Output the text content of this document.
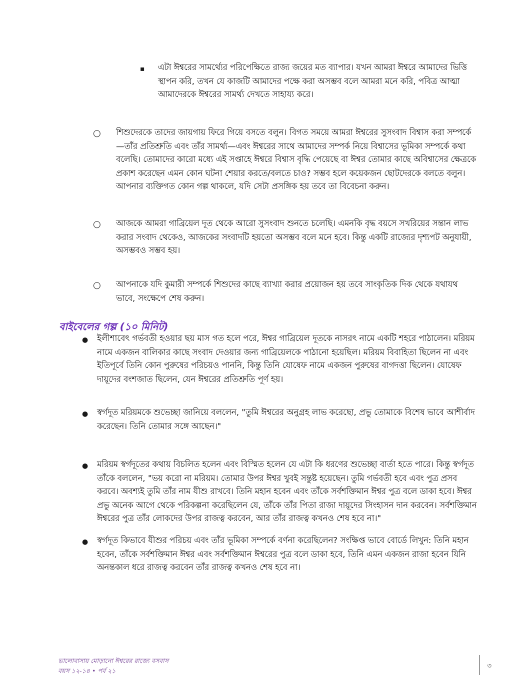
▪ এটা ঈশ্বরের সামর্থ্যের পরিপেক্ষিতে রাজ্য জয়ের মত ব্যাপার। যখন আমরা ঈশ্বরে আমাদের ভিত্তি স্থাপন করি, তখন যে কাজটি আমাদের পক্ষে করা অসম্ভব বলে আমরা মনে করি, পবিত্র আত্মা আমাদেরকে ঈশ্বরের সামর্থ্য দেখতে সাহায্য করে।

○ শিশুদেরকে তাদের জায়গায় ফিরে গিয়ে বসতে বলুন। বিগত সময়ে আমরা ঈশ্বরের সুসংবাদ বিশ্বাস করা সম্পর্কে—তাঁর প্রতিশ্রুতি এবং তাঁর সামর্থ্য—এবং ঈশ্বরের সাথে আমাদের সম্পর্ক নিয়ে বিশ্বাসের ভূমিকা সম্পর্কে কথা বলেছি। তোমাদের কারো মধ্যে এই সপ্তাহে ঈশ্বরে বিশ্বাস বৃদ্ধি পেয়েছে বা ঈশ্বর তোমার কাছে অবিশ্বাসের ক্ষেত্রকে প্রকাশ করেছেন এমন কোন ঘটনা শেয়ার করতে/বলতে চাও? সম্ভব হলে কয়েকজন ছোটদেরকে বলতে বলুন। আপনার ব্যক্তিগত কোন গল্প থাকলে, যদি সেটা প্রসঙ্গিক হয় তবে তা বিবেচনা করুন।

○ আজকে আমরা গাব্রিয়েল দূত থেকে আরো সুসংবাদ শুনতে চলেছি। এমনকি বৃদ্ধ বয়সে সখরিয়ের সন্তান লাভ করার সংবাদ থেকেও, আজকের সংবাদটি হয়তো অসম্ভব বলে মনে হবে। কিন্তু একটি রাজ্যের দৃশ্যপট অনুযায়ী, অসম্ভবও সম্ভব হয়।

○ আপনাকে যদি কুমারী সম্পর্কে শিশুদের কাছে ব্যাখ্যা করার প্রয়োজন হয় তবে সাংকৃতিক দিক থেকে যথাযথ ভাবে, সংক্ষেপে শেষ করুন।

বাইবেলের গল্প (১০ মিনিট)
● ইলীশাবেৎ গর্ভবতী হওয়ার ছয় মাস গত হলে পরে, ঈশ্বর গাব্রিয়েল দূতকে নাসরৎ নামে একটি শহরে পাঠালেন। মরিয়ম নামে একজন বালিকার কাছে সংবাদ দেওয়ার জন্য গাব্রিয়েলকে পাঠানো হয়েছিল। মরিয়ম বিবাহিতা ছিলেন না এবং ইতিপূর্বে তিনি কোন পুরুষের পরিচয়ও পাননি, কিন্তু তিনি যোষেফ নামে একজন পুরুষের বাগদত্তা ছিলেন। যোষেফ দায়ূদের বংশজাত ছিলেন, যেন ঈশ্বরের প্রতিশ্রুতি পূর্ণ হয়।

● স্বর্গদূত মরিয়মকে শুভেচ্ছা জানিয়ে বললেন, "তুমি ঈশ্বরের অনুগ্রহ লাভ করেছো, প্রভু তোমাকে বিশেষ ভাবে আশীর্বাদ করেছেন। তিনি তোমার সঙ্গে আছেন।"

● মরিয়ম স্বর্গদূতের কথায় বিচলিত হলেন এবং বিস্মিত হলেন যে এটা কি ধরণের শুভেচ্ছা বার্তা হতে পারে। কিন্তু স্বর্গদূত তাঁকে বললেন, "ভয় করো না মরিয়ম। তোমার উপর ঈশ্বর খুবই সন্তুষ্ট হয়েছেন। তুমি গর্ভবতী হবে এবং পুত্র প্রসব করবে। অবশ্যই তুমি তাঁর নাম যীশু রাখবে। তিনি মহান হবেন এবং তাঁকে সর্বশক্তিমান ঈশ্বর পুত্র বলে ডাকা হবে। ঈশ্বর প্রভু অনেক আগে থেকে পরিকল্পনা করেছিলেন যে, তাঁকে তাঁর পিতা রাজা দায়ূদের সিংহাসন দান করবেন। সর্বশক্তিমান ঈশ্বরের পুত্র তাঁর লোকদের উপর রাজত্ব করবেন, আর তাঁর রাজত্ব কখনও শেষ হবে না।"

● স্বর্গদূত কিভাবে যীশুর পরিচয় এবং তাঁর ভূমিকা সম্পর্কে বর্ণনা করেছিলেন? সংক্ষিপ্ত ভাবে বোর্ডে লিখুন: তিনি মহান হবেন, তাঁকে সর্বশক্তিমান ঈশ্বর এবং সর্বশক্তিমান ঈশ্বরের পুত্র বলে ডাকা হবে, তিনি এমন একজন রাজা হবেন যিনি অনন্তকাল ধরে রাজত্ব করবেন তাঁর রাজত্ব কখনও শেষ হবে না।

ভালোবাসায় মোড়ানো ঈশ্বরের রাজ্যে বসবাস
বয়স ১২-১৪ • পর্ব ২১
৩
